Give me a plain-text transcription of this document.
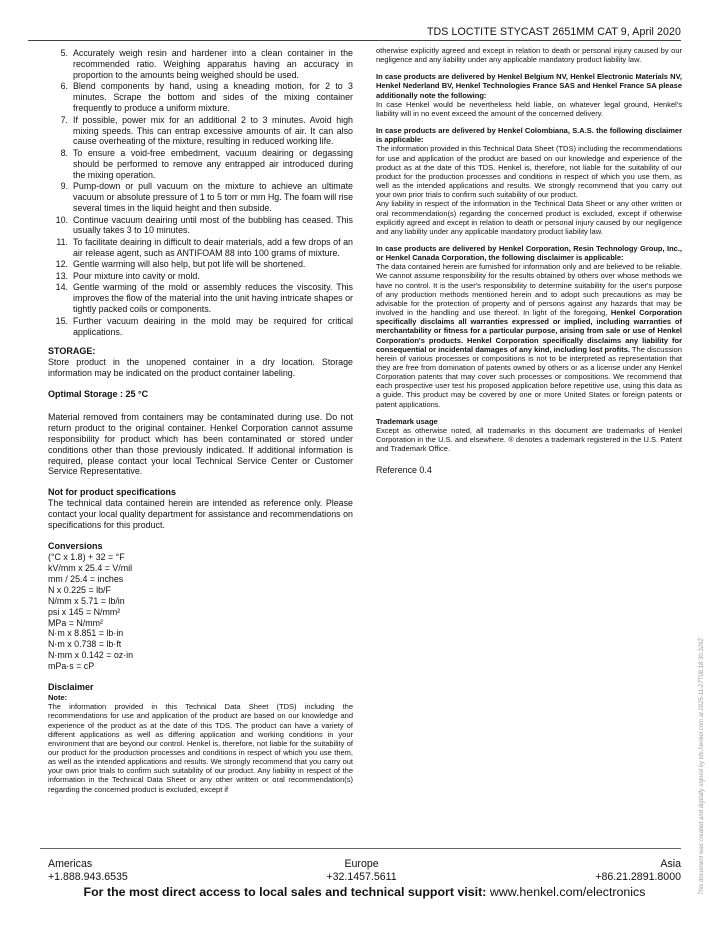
TDS LOCTITE STYCAST 2651MM CAT 9, April 2020
5. Accurately weigh resin and hardener into a clean container in the recommended ratio. Weighing apparatus having an accuracy in proportion to the amounts being weighed should be used.
6. Blend components by hand, using a kneading motion, for 2 to 3 minutes. Scrape the bottom and sides of the mixing container frequently to produce a uniform mixture.
7. If possible, power mix for an additional 2 to 3 minutes. Avoid high mixing speeds. This can entrap excessive amounts of air. It can also cause overheating of the mixture, resulting in reduced working life.
8. To ensure a void-free embedment, vacuum deairing or degassing should be performed to remove any entrapped air introduced during the mixing operation.
9. Pump-down or pull vacuum on the mixture to achieve an ultimate vacuum or absolute pressure of 1 to 5 torr or mm Hg. The foam will rise several times in the liquid height and then subside.
10. Continue vacuum deairing until most of the bubbling has ceased. This usually takes 3 to 10 minutes.
11. To facilitate deairing in difficult to deair materials, add a few drops of an air release agent, such as ANTIFOAM 88 into 100 grams of mixture.
12. Gentle warming will also help, but pot life will be shortened.
13. Pour mixture into cavity or mold.
14. Gentle warming of the mold or assembly reduces the viscosity. This improves the flow of the material into the unit having intricate shapes or tightly packed coils or components.
15. Further vacuum deairing in the mold may be required for critical applications.

STORAGE:

Store product in the unopened container in a dry location. Storage information may be indicated on the product container labeling.

Optimal Storage : 25 °C

Material removed from containers may be contaminated during use. Do not return product to the original container. Henkel Corporation cannot assume responsibility for product which has been contaminated or stored under conditions other than those previously indicated. If additional information is required, please contact your local Technical Service Center or Customer Service Representative.

Not for product specifications

The technical data contained herein are intended as reference only. Please contact your local quality department for assistance and recommendations on specifications for this product.

Conversions

(°C x 1.8) + 32 = °F

kV/mm x 25.4 = V/mil

mm / 25.4 = inches

N x 0.225 = lb/F

N/mm x 5.71 = lb/in

psi x 145 = N/mm²

MPa = N/mm²

N·m x 8.851 = lb·in

N·m x 0.738 = lb·ft

N·mm x 0.142 = oz·in

mPa·s = cP

Disclaimer

Note:

The information provided in this Technical Data Sheet (TDS) including the recommendations for use and application of the product are based on our knowledge and experience of the product as at the date of this TDS. The product can have a variety of different applications as well as differing application and working conditions in your environment that are beyond our control. Henkel is, therefore, not liable for the suitability of our product for the production processes and conditions in respect of which you use them, as well as the intended applications and results. We strongly recommend that you carry out your own prior trials to confirm such suitability of our product. Any liability in respect of the information in the Technical Data Sheet or any other written or oral recommendation(s) regarding the concerned product is excluded, except if

otherwise explicitly agreed and except in relation to death or personal injury caused by our negligence and any liability under any applicable mandatory product liability law.

In case products are delivered by Henkel Belgium NV, Henkel Electronic Materials NV, Henkel Nederland BV, Henkel Technologies France SAS and Henkel France SA please additionally note the following:

In case Henkel would be nevertheless held liable, on whatever legal ground, Henkel's liability will in no event exceed the amount of the concerned delivery.

In case products are delivered by Henkel Colombiana, S.A.S. the following disclaimer is applicable:

The information provided in this Technical Data Sheet (TDS) including the recommendations for use and application of the product are based on our knowledge and experience of the product as at the date of this TDS. Henkel is, therefore, not liable for the suitability of our product for the production processes and conditions in respect of which you use them, as well as the intended applications and results. We strongly recommend that you carry out your own prior trials to confirm such suitability of our product.

Any liability in respect of the information in the Technical Data Sheet or any other written or oral recommendation(s) regarding the concerned product is excluded, except if otherwise explicitly agreed and except in relation to death or personal injury caused by our negligence and any liability under any applicable mandatory product liability law.

In case products are delivered by Henkel Corporation, Resin Technology Group, Inc., or Henkel Canada Corporation, the following disclaimer is applicable:

The data contained herein are furnished for information only and are believed to be reliable. We cannot assume responsibility for the results obtained by others over whose methods we have no control. It is the user's responsibility to determine suitability for the user's purpose of any production methods mentioned herein and to adopt such precautions as may be advisable for the protection of property and of persons against any hazards that may be involved in the handling and use thereof. In light of the foregoing, Henkel Corporation specifically disclaims all warranties expressed or implied, including warranties of merchantability or fitness for a particular purpose, arising from sale or use of Henkel Corporation's products. Henkel Corporation specifically disclaims any liability for consequential or incidental damages of any kind, including lost profits. The discussion herein of various processes or compositions is not to be interpreted as representation that they are free from domination of patents owned by others or as a license under any Henkel Corporation patents that may cover such processes or compositions. We recommend that each prospective user test his proposed application before repetitive use, using this data as a guide. This product may be covered by one or more United States or foreign patents or patent applications.

Trademark usage

Except as otherwise noted, all trademarks in this document are trademarks of Henkel Corporation in the U.S. and elsewhere. ® denotes a trademark registered in the U.S. Patent and Trademark Office.

Reference 0.4

This document was created and digitally signed by tds.henkel.com at 2025-11-27T08:18:30.329Z
Americas
+1.888.943.6535
Europe
+32.1457.5611
Asia
+86.21.2891.8000
For the most direct access to local sales and technical support visit: www.henkel.com/electronics
